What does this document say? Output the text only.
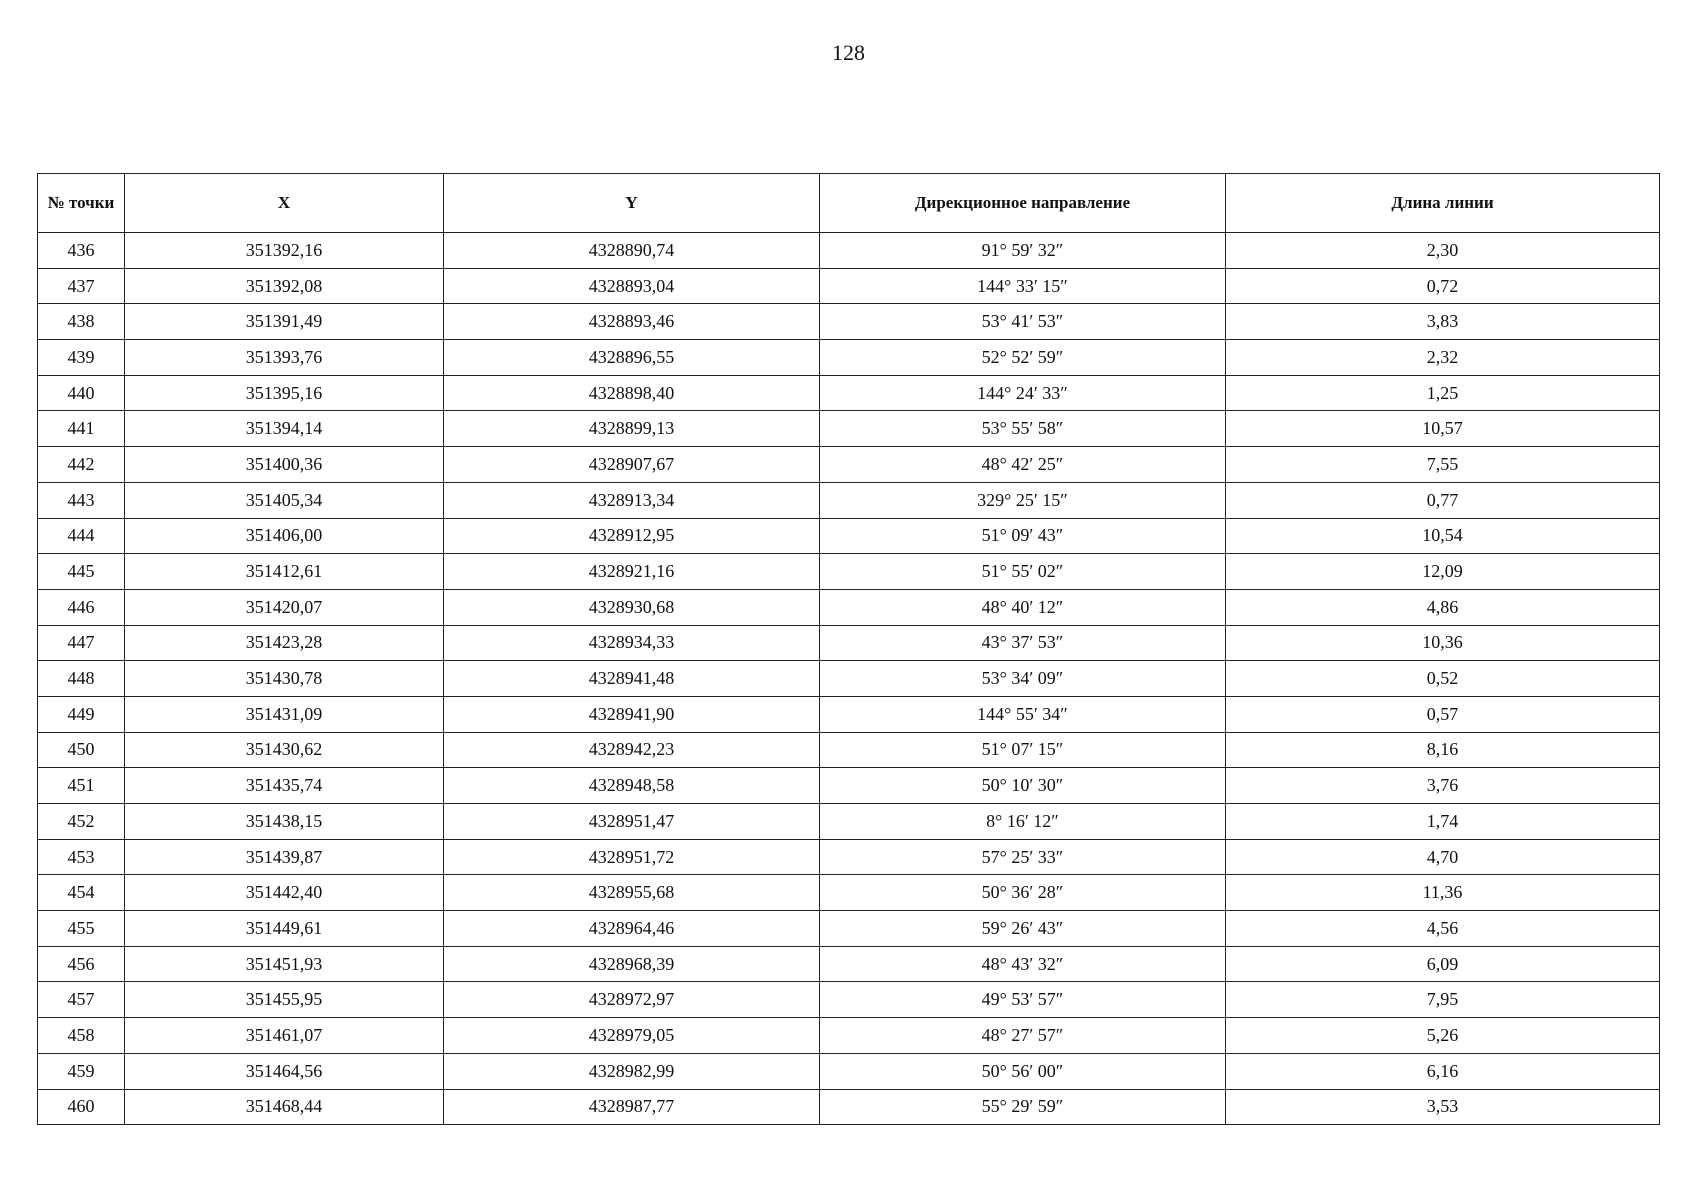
128
№ точки	X	Y	Дирекционное направление	Длина линии
436	351392,16	4328890,74	91° 59′ 32″	2,30
437	351392,08	4328893,04	144° 33′ 15″	0,72
438	351391,49	4328893,46	53° 41′ 53″	3,83
439	351393,76	4328896,55	52° 52′ 59″	2,32
440	351395,16	4328898,40	144° 24′ 33″	1,25
441	351394,14	4328899,13	53° 55′ 58″	10,57
442	351400,36	4328907,67	48° 42′ 25″	7,55
443	351405,34	4328913,34	329° 25′ 15″	0,77
444	351406,00	4328912,95	51° 09′ 43″	10,54
445	351412,61	4328921,16	51° 55′ 02″	12,09
446	351420,07	4328930,68	48° 40′ 12″	4,86
447	351423,28	4328934,33	43° 37′ 53″	10,36
448	351430,78	4328941,48	53° 34′ 09″	0,52
449	351431,09	4328941,90	144° 55′ 34″	0,57
450	351430,62	4328942,23	51° 07′ 15″	8,16
451	351435,74	4328948,58	50° 10′ 30″	3,76
452	351438,15	4328951,47	8° 16′ 12″	1,74
453	351439,87	4328951,72	57° 25′ 33″	4,70
454	351442,40	4328955,68	50° 36′ 28″	11,36
455	351449,61	4328964,46	59° 26′ 43″	4,56
456	351451,93	4328968,39	48° 43′ 32″	6,09
457	351455,95	4328972,97	49° 53′ 57″	7,95
458	351461,07	4328979,05	48° 27′ 57″	5,26
459	351464,56	4328982,99	50° 56′ 00″	6,16
460	351468,44	4328987,77	55° 29′ 59″	3,53
